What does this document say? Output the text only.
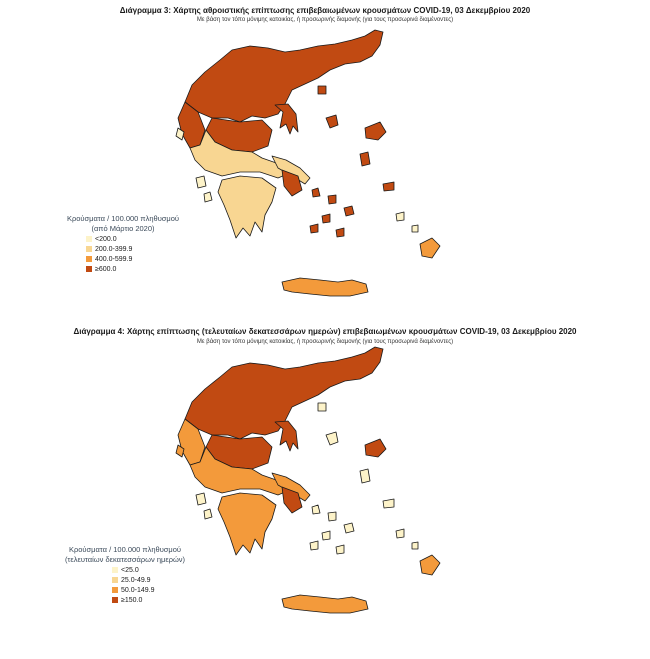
Διάγραμμα 3: Χάρτης αθροιστικής επίπτωσης επιβεβαιωμένων κρουσμάτων COVID-19, 03 Δεκεμβρίου 2020
Με βάση τον τόπο μόνιμης κατοικίας, ή προσωρινής διαμονής (για τους προσωρινά διαμένοντες)
Κρούσματα / 100.000 πληθυσμού
(από Μάρτιο 2020)
<200.0
200.0-399.9
400.0-599.9
≥600.0
Διάγραμμα 4: Χάρτης επίπτωσης (τελευταίων δεκατεσσάρων ημερών) επιβεβαιωμένων κρουσμάτων COVID-19, 03 Δεκεμβρίου 2020
Με βάση τον τόπο μόνιμης κατοικίας, ή προσωρινής διαμονής (για τους προσωρινά διαμένοντες)
Κρούσματα / 100.000 πληθυσμού
(τελευταίων δεκατεσσάρων ημερών)
<25.0
25.0-49.9
50.0-149.9
≥150.0
